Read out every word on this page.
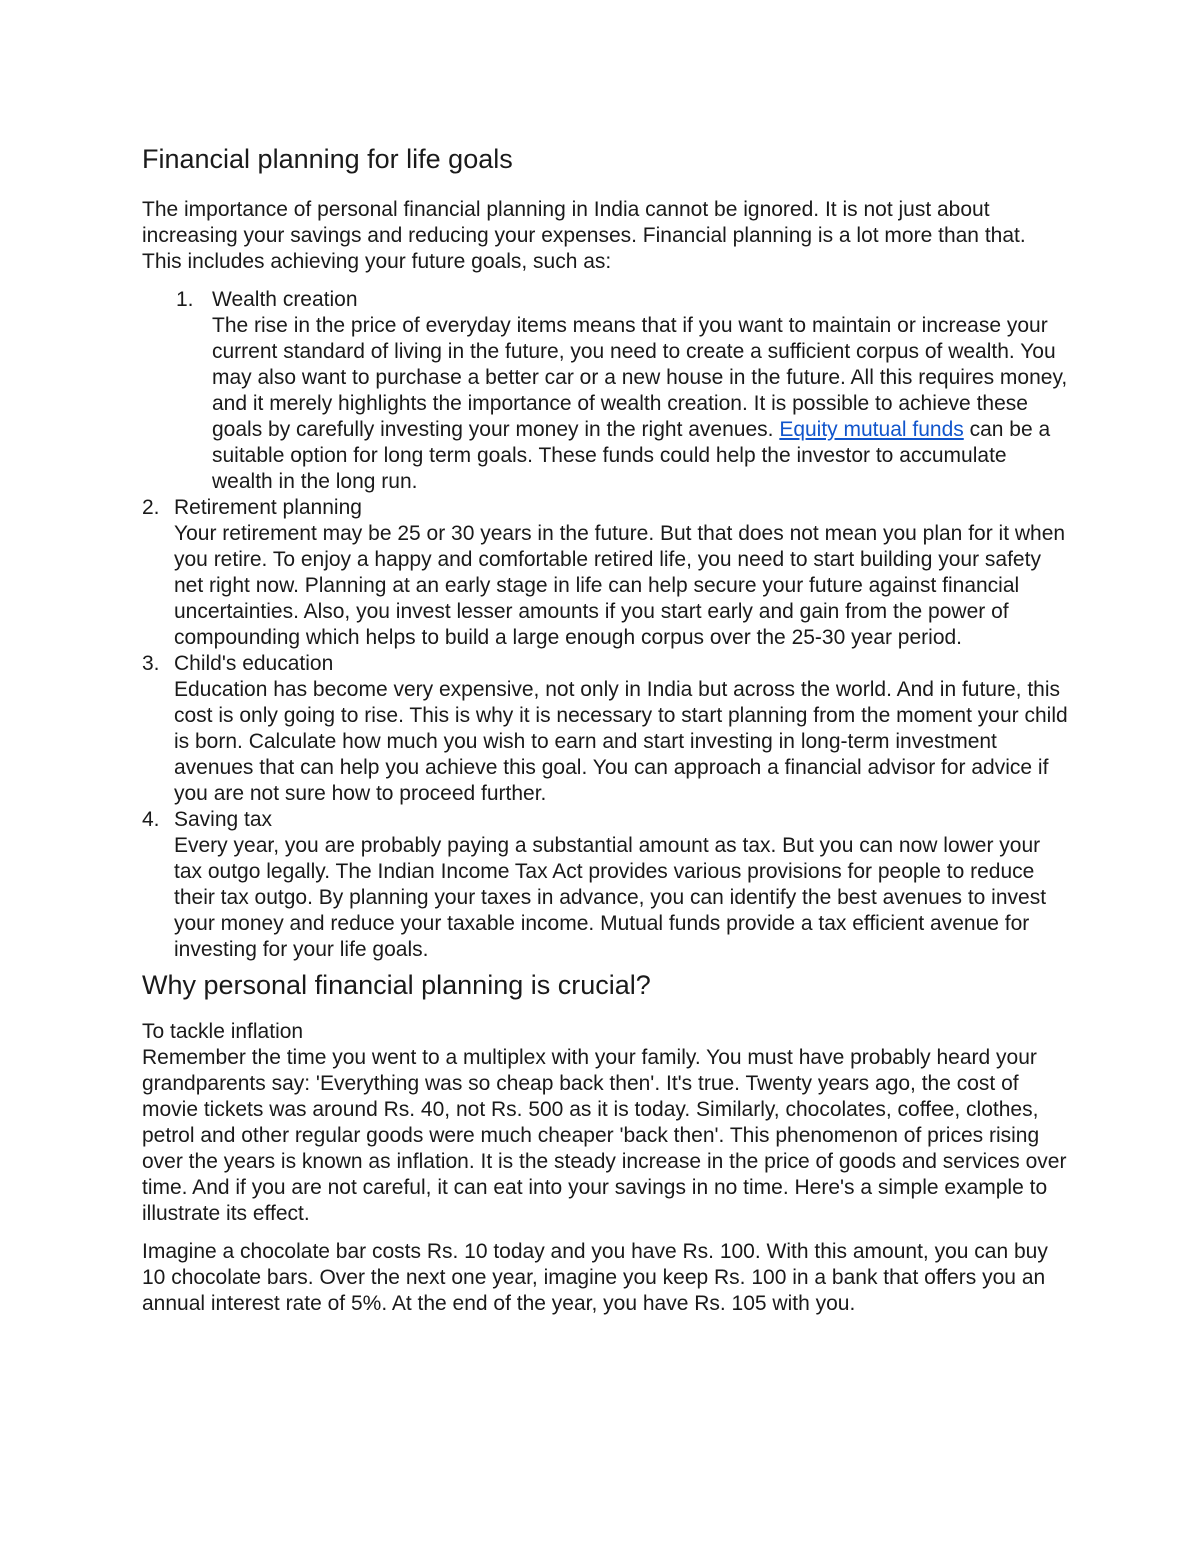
Financial planning for life goals

The importance of personal financial planning in India cannot be ignored. It is not just about increasing your savings and reducing your expenses. Financial planning is a lot more than that. This includes achieving your future goals, such as:

1. Wealth creation
The rise in the price of everyday items means that if you want to maintain or increase your current standard of living in the future, you need to create a sufficient corpus of wealth. You may also want to purchase a better car or a new house in the future. All this requires money, and it merely highlights the importance of wealth creation. It is possible to achieve these goals by carefully investing your money in the right avenues. Equity mutual funds can be a suitable option for long term goals. These funds could help the investor to accumulate wealth in the long run.
2. Retirement planning
Your retirement may be 25 or 30 years in the future. But that does not mean you plan for it when you retire. To enjoy a happy and comfortable retired life, you need to start building your safety net right now. Planning at an early stage in life can help secure your future against financial uncertainties. Also, you invest lesser amounts if you start early and gain from the power of compounding which helps to build a large enough corpus over the 25-30 year period.
3. Child's education
Education has become very expensive, not only in India but across the world. And in future, this cost is only going to rise. This is why it is necessary to start planning from the moment your child is born. Calculate how much you wish to earn and start investing in long-term investment avenues that can help you achieve this goal. You can approach a financial advisor for advice if you are not sure how to proceed further.
4. Saving tax
Every year, you are probably paying a substantial amount as tax. But you can now lower your tax outgo legally. The Indian Income Tax Act provides various provisions for people to reduce their tax outgo. By planning your taxes in advance, you can identify the best avenues to invest your money and reduce your taxable income. Mutual funds provide a tax efficient avenue for investing for your life goals.
Why personal financial planning is crucial?
To tackle inflation

Remember the time you went to a multiplex with your family. You must have probably heard your grandparents say: 'Everything was so cheap back then'. It's true. Twenty years ago, the cost of movie tickets was around Rs. 40, not Rs. 500 as it is today. Similarly, chocolates, coffee, clothes, petrol and other regular goods were much cheaper 'back then'. This phenomenon of prices rising over the years is known as inflation. It is the steady increase in the price of goods and services over time. And if you are not careful, it can eat into your savings in no time. Here's a simple example to illustrate its effect.

Imagine a chocolate bar costs Rs. 10 today and you have Rs. 100. With this amount, you can buy 10 chocolate bars. Over the next one year, imagine you keep Rs. 100 in a bank that offers you an annual interest rate of 5%. At the end of the year, you have Rs. 105 with you.
